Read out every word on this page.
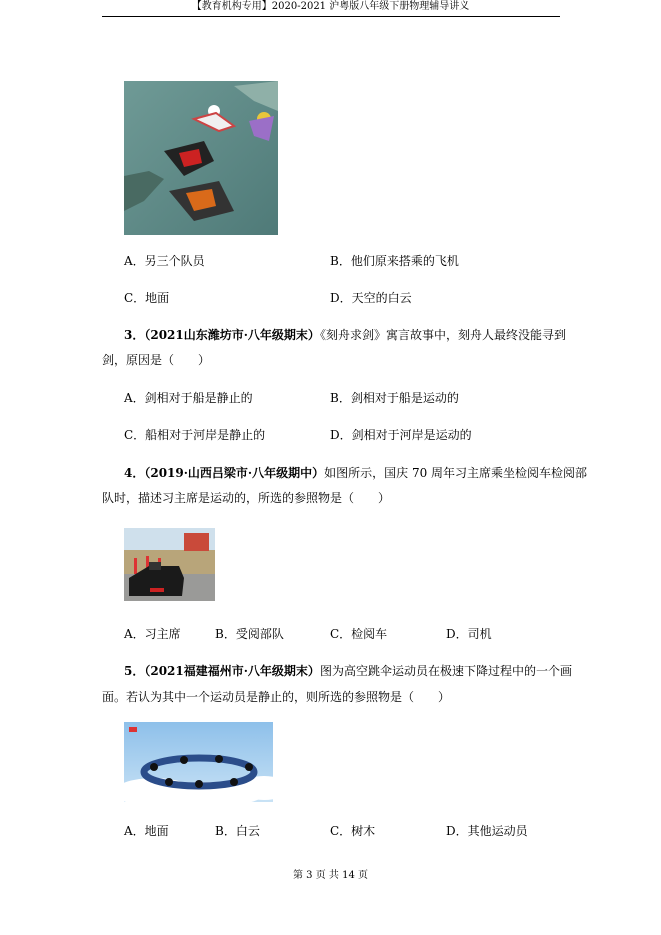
【教育机构专用】2020-2021 沪粤版八年级下册物理辅导讲义
A．另三个队员	B．他们原来搭乘的飞机
C．地面	D．天空的白云
3．（2021山东潍坊市·八年级期末）《刻舟求剑》寓言故事中，刻舟人最终没能寻到
剑，原因是（　　）
A．剑相对于船是静止的	B．剑相对于船是运动的
C．船相对于河岸是静止的	D．剑相对于河岸是运动的
4．（2019·山西吕梁市·八年级期中）如图所示，国庆 70 周年习主席乘坐检阅车检阅部
队时，描述习主席是运动的，所选的参照物是（　　）
A．习主席	B．受阅部队	C．检阅车	D．司机
5．（2021福建福州市·八年级期末）图为高空跳伞运动员在极速下降过程中的一个画
面。若认为其中一个运动员是静止的，则所选的参照物是（　　）
A．地面	B．白云	C．树木	D．其他运动员
第 3 页 共 14 页
